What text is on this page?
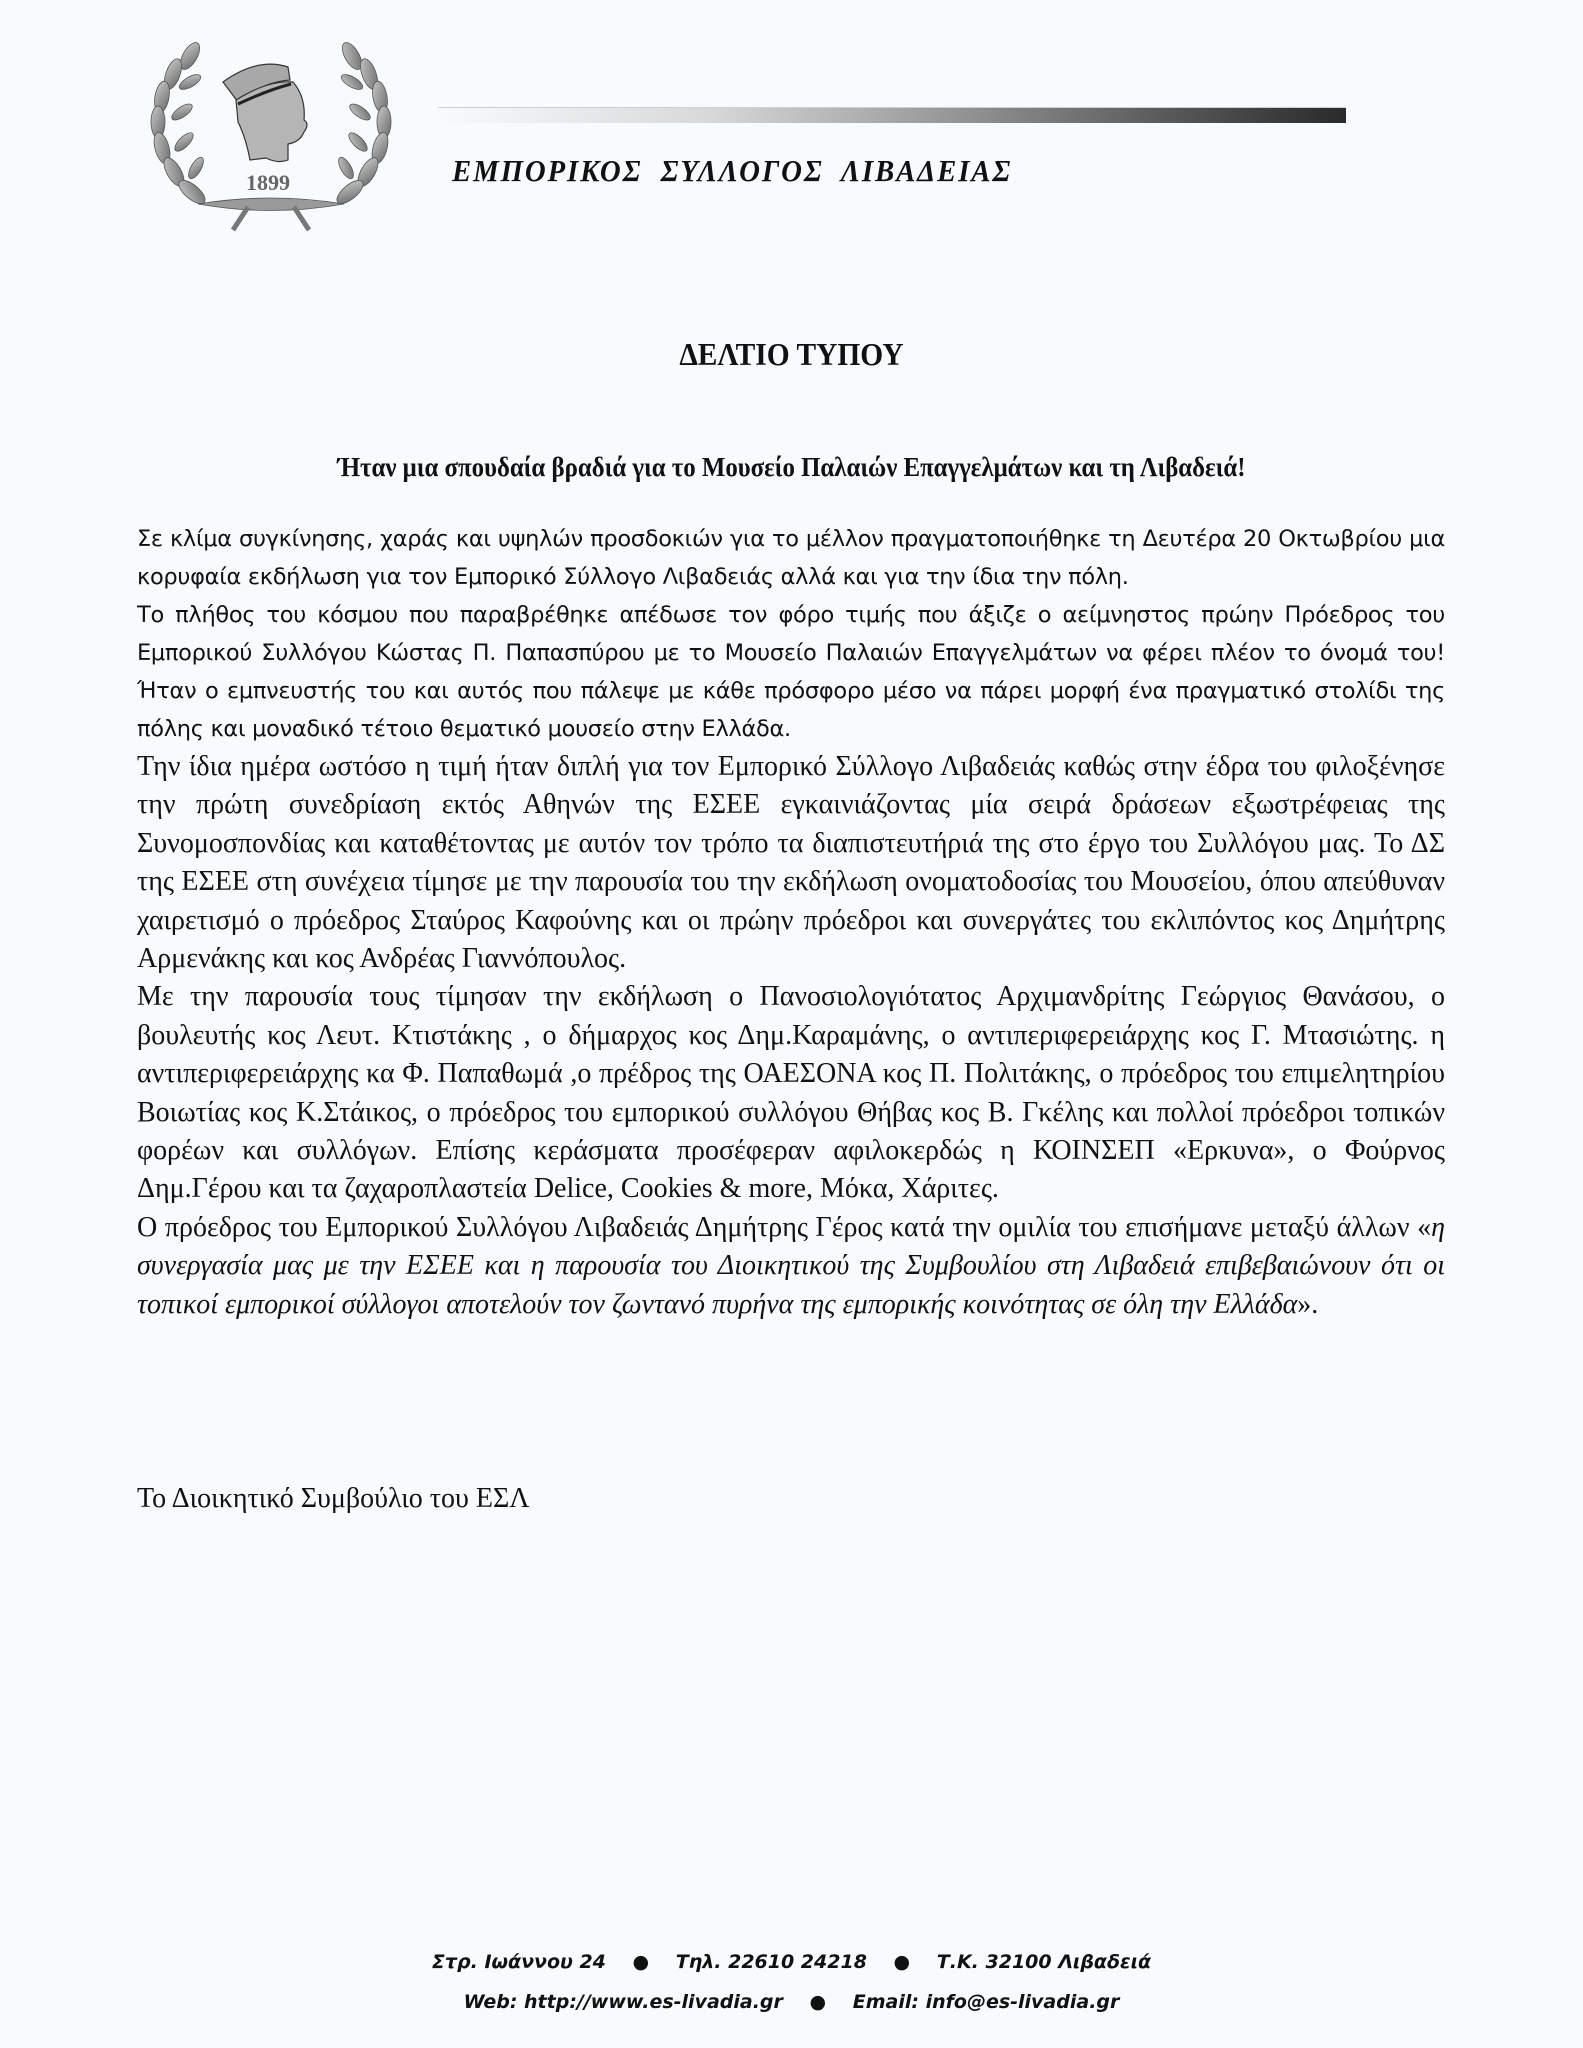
1899	ΕΜΠΟΡΙΚΟΣ ΣΥΛΛΟΓΟΣ ΛΙΒΑΔΕΙΑΣ
ΔΕΛΤΙΟ ΤΥΠΟΥ
Ήταν μια σπουδαία βραδιά για το Μουσείο Παλαιών Επαγγελμάτων και τη Λιβαδειά!

Σε κλίμα συγκίνησης, χαράς και υψηλών προσδοκιών για το μέλλον πραγματοποιήθηκε τη Δευτέρα 20 Οκτωβρίου μια κορυφαία εκδήλωση για τον Εμπορικό Σύλλογο Λιβαδειάς αλλά και για την ίδια την πόλη.

Το πλήθος του κόσμου που παραβρέθηκε απέδωσε τον φόρο τιμής που άξιζε ο αείμνηστος πρώην Πρόεδρος του Εμπορικού Συλλόγου Κώστας Π. Παπασπύρου με το Μουσείο Παλαιών Επαγγελμάτων να φέρει πλέον το όνομά του! Ήταν ο εμπνευστής του και αυτός που πάλεψε με κάθε πρόσφορο μέσο να πάρει μορφή ένα πραγματικό στολίδι της πόλης και μοναδικό τέτοιο θεματικό μουσείο στην Ελλάδα.

Την ίδια ημέρα ωστόσο η τιμή ήταν διπλή για τον Εμπορικό Σύλλογο Λιβαδειάς καθώς στην έδρα του φιλοξένησε την πρώτη συνεδρίαση εκτός Αθηνών της ΕΣΕΕ εγκαινιάζοντας μία σειρά δράσεων εξωστρέφειας της Συνομοσπονδίας και καταθέτοντας με αυτόν τον τρόπο τα διαπιστευτήριά της στο έργο του Συλλόγου μας. Το ΔΣ της ΕΣΕΕ στη συνέχεια τίμησε με την παρουσία του την εκδήλωση ονοματοδοσίας του Μουσείου, όπου απεύθυναν χαιρετισμό ο πρόεδρος Σταύρος Καφούνης και οι πρώην πρόεδροι και συνεργάτες του εκλιπόντος κος Δημήτρης Αρμενάκης και κος Ανδρέας Γιαννόπουλος.

Με την παρουσία τους τίμησαν την εκδήλωση ο Πανοσιολογιότατος Αρχιμανδρίτης Γεώργιος Θανάσου, ο βουλευτής κος Λευτ. Κτιστάκης , ο δήμαρχος κος Δημ.Καραμάνης, ο αντιπεριφερειάρχης κος Γ. Μτασιώτης. η αντιπεριφερειάρχης κα Φ. Παπαθωμά ,ο πρέδρος της ΟΑΕΣΟΝΑ κος Π. Πολιτάκης, ο πρόεδρος του επιμελητηρίου Βοιωτίας κος Κ.Στάικος, ο πρόεδρος του εμπορικού συλλόγου Θήβας κος Β. Γκέλης και πολλοί πρόεδροι τοπικών φορέων και συλλόγων. Επίσης κεράσματα προσέφεραν αφιλοκερδώς η ΚΟΙΝΣΕΠ «Ερκυνα», ο Φούρνος Δημ.Γέρου και τα ζαχαροπλαστεία Delice, Cookies & more, Μόκα, Χάριτες.

Ο πρόεδρος του Εμπορικού Συλλόγου Λιβαδειάς Δημήτρης Γέρος κατά την ομιλία του επισήμανε μεταξύ άλλων «η συνεργασία μας με την ΕΣΕΕ και η παρουσία του Διοικητικού της Συμβουλίου στη Λιβαδειά επιβεβαιώνουν ότι οι τοπικοί εμπορικοί σύλλογοι αποτελούν τον ζωντανό πυρήνα της εμπορικής κοινότητας σε όλη την Ελλάδα».

Το Διοικητικό Συμβούλιο του ΕΣΛ
Στρ. Ιωάννου 24 ● Τηλ. 22610 24218 ● Τ.Κ. 32100 Λιβαδειά
Web: http://www.es-livadia.gr ● Email: info@es-livadia.gr
